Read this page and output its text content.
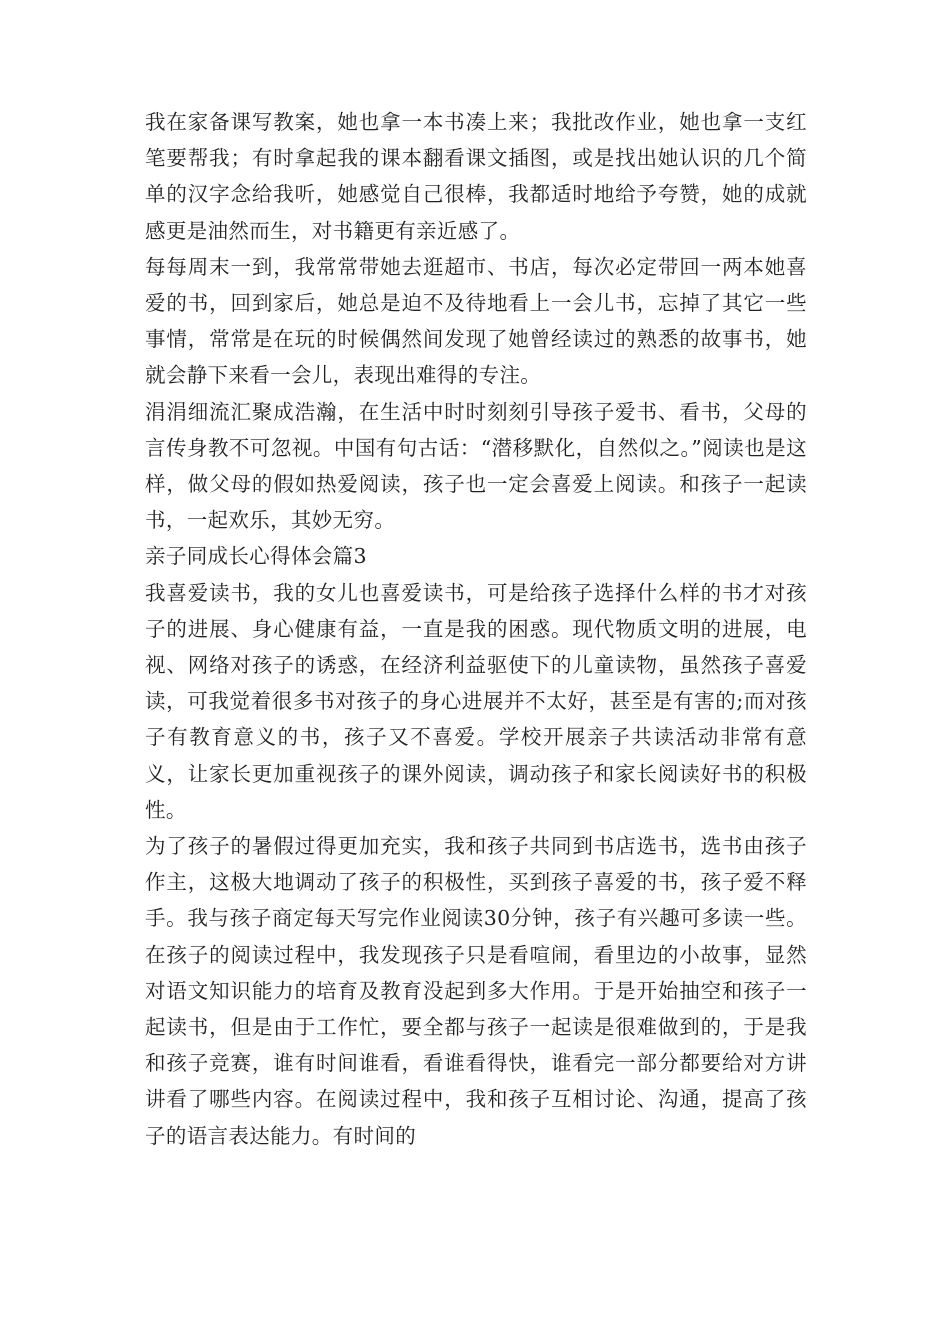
我在家备课写教案，她也拿一本书凑上来；我批改作业，她也拿一支红笔要帮我；有时拿起我的课本翻看课文插图，或是找出她认识的几个简单的汉字念给我听，她感觉自己很棒，我都适时地给予夸赞，她的成就感更是油然而生，对书籍更有亲近感了。

每每周末一到，我常常带她去逛超市、书店，每次必定带回一两本她喜爱的书，回到家后，她总是迫不及待地看上一会儿书，忘掉了其它一些事情，常常是在玩的时候偶然间发现了她曾经读过的熟悉的故事书，她就会静下来看一会儿，表现出难得的专注。

涓涓细流汇聚成浩瀚，在生活中时时刻刻引导孩子爱书、看书，父母的言传身教不可忽视。中国有句古话：“潜移默化，自然似之。”阅读也是这样，做父母的假如热爱阅读，孩子也一定会喜爱上阅读。和孩子一起读书，一起欢乐，其妙无穷。

亲子同成长心得体会篇3

我喜爱读书，我的女儿也喜爱读书，可是给孩子选择什么样的书才对孩子的进展、身心健康有益，一直是我的困惑。现代物质文明的进展，电视、网络对孩子的诱惑，在经济利益驱使下的儿童读物，虽然孩子喜爱读，可我觉着很多书对孩子的身心进展并不太好，甚至是有害的;而对孩子有教育意义的书，孩子又不喜爱。学校开展亲子共读活动非常有意义，让家长更加重视孩子的课外阅读，调动孩子和家长阅读好书的积极性。

为了孩子的暑假过得更加充实，我和孩子共同到书店选书，选书由孩子作主，这极大地调动了孩子的积极性，买到孩子喜爱的书，孩子爱不释手。我与孩子商定每天写完作业阅读30分钟，孩子有兴趣可多读一些。在孩子的阅读过程中，我发现孩子只是看喧闹，看里边的小故事，显然对语文知识能力的培育及教育没起到多大作用。于是开始抽空和孩子一起读书，但是由于工作忙，要全都与孩子一起读是很难做到的，于是我和孩子竞赛，谁有时间谁看，看谁看得快，谁看完一部分都要给对方讲讲看了哪些内容。在阅读过程中，我和孩子互相讨论、沟通，提高了孩子的语言表达能力。有时间的
